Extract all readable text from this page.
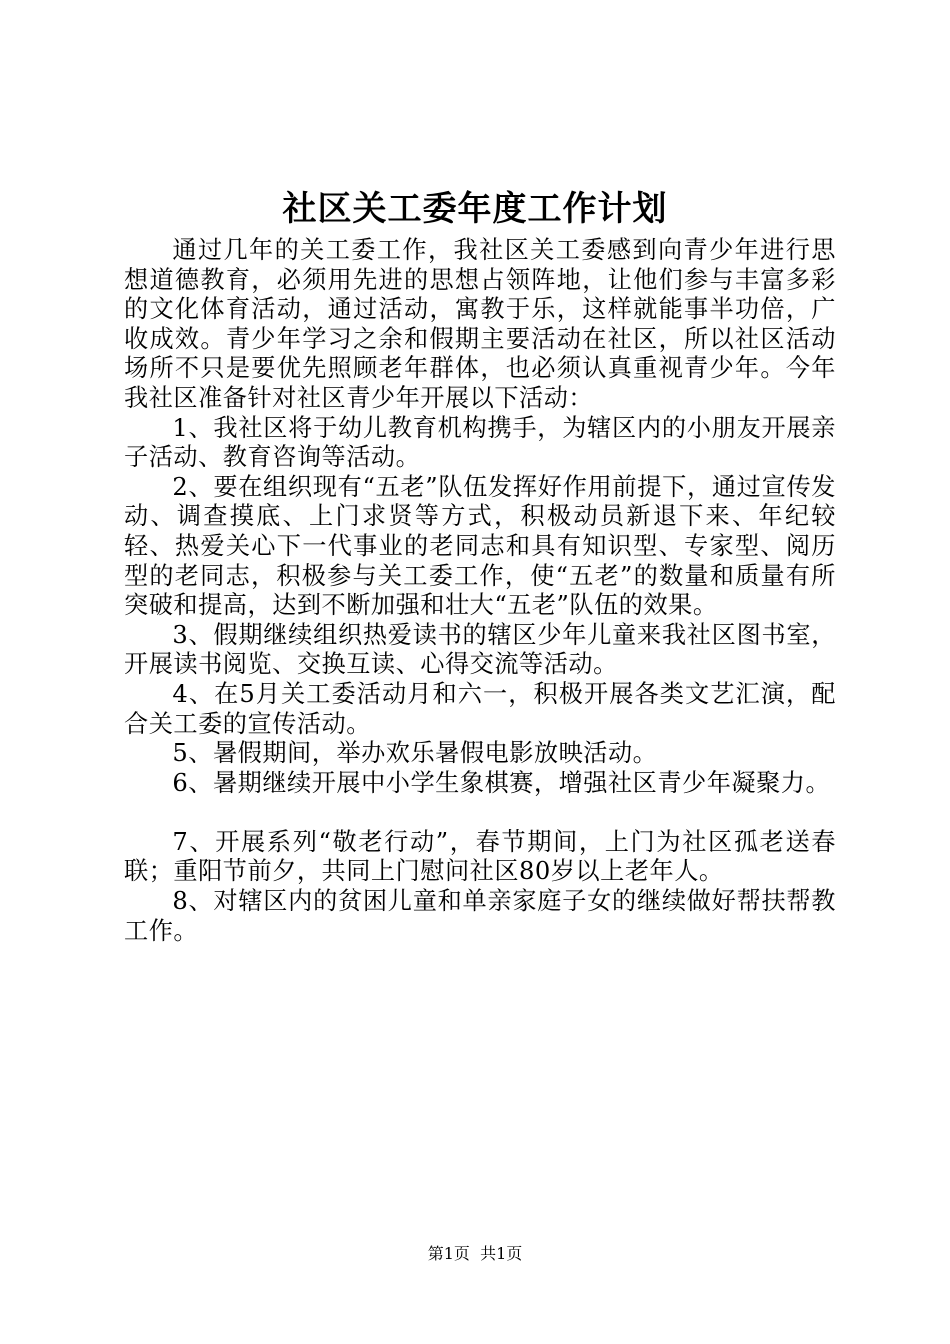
社区关工委年度工作计划

通过几年的关工委工作，我社区关工委感到向青少年进行思想道德教育，必须用先进的思想占领阵地，让他们参与丰富多彩的文化体育活动，通过活动，寓教于乐，这样就能事半功倍，广收成效。青少年学习之余和假期主要活动在社区，所以社区活动场所不只是要优先照顾老年群体，也必须认真重视青少年。今年我社区准备针对社区青少年开展以下活动：

1、我社区将于幼儿教育机构携手，为辖区内的小朋友开展亲子活动、教育咨询等活动。

2、要在组织现有“五老”队伍发挥好作用前提下，通过宣传发动、调查摸底、上门求贤等方式，积极动员新退下来、年纪较轻、热爱关心下一代事业的老同志和具有知识型、专家型、阅历型的老同志，积极参与关工委工作，使“五老”的数量和质量有所突破和提高，达到不断加强和壮大“五老”队伍的效果。

3、假期继续组织热爱读书的辖区少年儿童来我社区图书室，开展读书阅览、交换互读、心得交流等活动。

4、在5月关工委活动月和六一，积极开展各类文艺汇演，配合关工委的宣传活动。

5、暑假期间，举办欢乐暑假电影放映活动。

6、暑期继续开展中小学生象棋赛，增强社区青少年凝聚力。

7、开展系列“敬老行动”，春节期间，上门为社区孤老送春联；重阳节前夕，共同上门慰问社区80岁以上老年人。

8、对辖区内的贫困儿童和单亲家庭子女的继续做好帮扶帮教工作。

第1页  共1页
